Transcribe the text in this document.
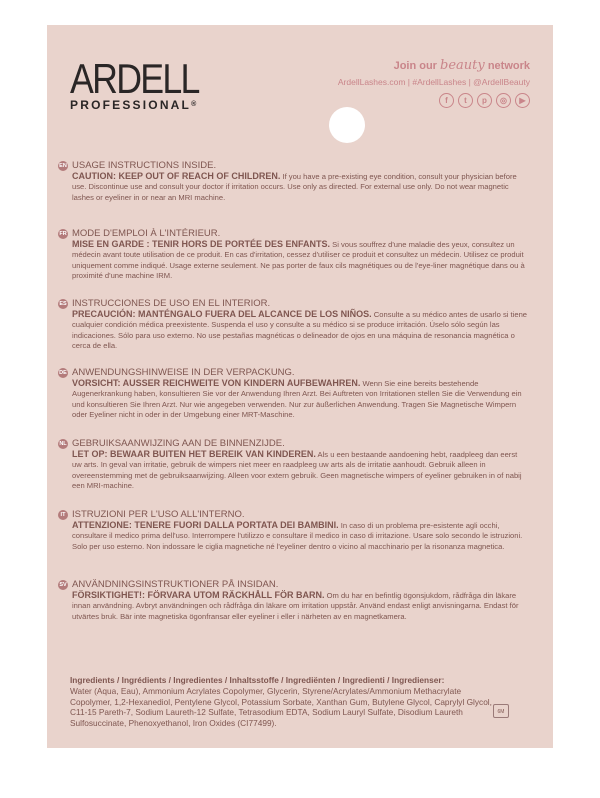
ARDELL
PROFESSIONAL®
Join our beauty network
ArdellLashes.com | #ArdellLashes | @ArdellBeauty
f	t	p	◎	▶
EN USAGE INSTRUCTIONS INSIDE.
CAUTION: KEEP OUT OF REACH OF CHILDREN. If you have a pre-existing eye condition, consult your physician before use. Discontinue use and consult your doctor if irritation occurs. Use only as directed. For external use only. Do not wear magnetic lashes or eyeliner in or near an MRI machine.
FR MODE D'EMPLOI À L'INTÉRIEUR.
MISE EN GARDE : TENIR HORS DE PORTÉE DES ENFANTS. Si vous souffrez d'une maladie des yeux, consultez un médecin avant toute utilisation de ce produit. En cas d'irritation, cessez d'utiliser ce produit et consultez un médecin. Utilisez ce produit uniquement comme indiqué. Usage externe seulement. Ne pas porter de faux cils magnétiques ou de l'eye-liner magnétique dans ou à proximité d'une machine IRM.
ES INSTRUCCIONES DE USO EN EL INTERIOR.
PRECAUCIÓN: MANTÉNGALO FUERA DEL ALCANCE DE LOS NIÑOS. Consulte a su médico antes de usarlo si tiene cualquier condición médica preexistente. Suspenda el uso y consulte a su médico si se produce irritación. Úselo sólo según las indicaciones. Sólo para uso externo. No use pestañas magnéticas o delineador de ojos en una máquina de resonancia magnética o cerca de ella.
DE ANWENDUNGSHINWEISE IN DER VERPACKUNG.
VORSICHT: AUSSER REICHWEITE VON KINDERN AUFBEWAHREN. Wenn Sie eine bereits bestehende Augenerkrankung haben, konsultieren Sie vor der Anwendung Ihren Arzt. Bei Auftreten von Irritationen stellen Sie die Verwendung ein und konsultieren Sie Ihren Arzt. Nur wie angegeben verwenden. Nur zur äußerlichen Anwendung. Tragen Sie Magnetische Wimpern oder Eyeliner nicht in oder in der Umgebung einer MRT-Maschine.
NL GEBRUIKSAANWIJZING AAN DE BINNENZIJDE.
LET OP: BEWAAR BUITEN HET BEREIK VAN KINDEREN. Als u een bestaande aandoening hebt, raadpleeg dan eerst uw arts. In geval van irritatie, gebruik de wimpers niet meer en raadpleeg uw arts als de irritatie aanhoudt. Gebruik alleen in overeenstemming met de gebruiksaanwijzing. Alleen voor extern gebruik. Geen magnetische wimpers of eyeliner gebruiken in of nabij een MRI-machine.
IT ISTRUZIONI PER L'USO ALL'INTERNO.
ATTENZIONE: TENERE FUORI DALLA PORTATA DEI BAMBINI. In caso di un problema pre-esistente agli occhi, consultare il medico prima dell'uso. Interrompere l'utilizzo e consultare il medico in caso di irritazione. Usare solo secondo le istruzioni. Solo per uso esterno. Non indossare le ciglia magnetiche né l'eyeliner dentro o vicino al macchinario per la risonanza magnetica.
SV ANVÄNDNINGSINSTRUKTIONER PÅ INSIDAN.
FÖRSIKTIGHET!: FÖRVARA UTOM RÄCKHÅLL FÖR BARN. Om du har en befintlig ögonsjukdom, rådfråga din läkare innan användning. Avbryt användningen och rådfråga din läkare om irritation uppstår. Använd endast enligt anvisningarna. Endast för utvärtes bruk. Bär inte magnetiska ögonfransar eller eyeliner i eller i närheten av en magnetkamera.
Ingredients / Ingrédients / Ingredientes / Inhaltsstoffe / Ingrediënten / Ingredienti / Ingredienser:
Water (Aqua, Eau), Ammonium Acrylates Copolymer, Glycerin, Styrene/Acrylates/Ammonium Methacrylate Copolymer, 1,2-Hexanediol, Pentylene Glycol, Potassium Sorbate, Xanthan Gum, Butylene Glycol, Caprylyl Glycol, C11-15 Pareth-7, Sodium Laureth-12 Sulfate, Tetrasodium EDTA, Sodium Lauryl Sulfate, Disodium Laureth Sulfosuccinate, Phenoxyethanol, Iron Oxides (CI77499).
6M
